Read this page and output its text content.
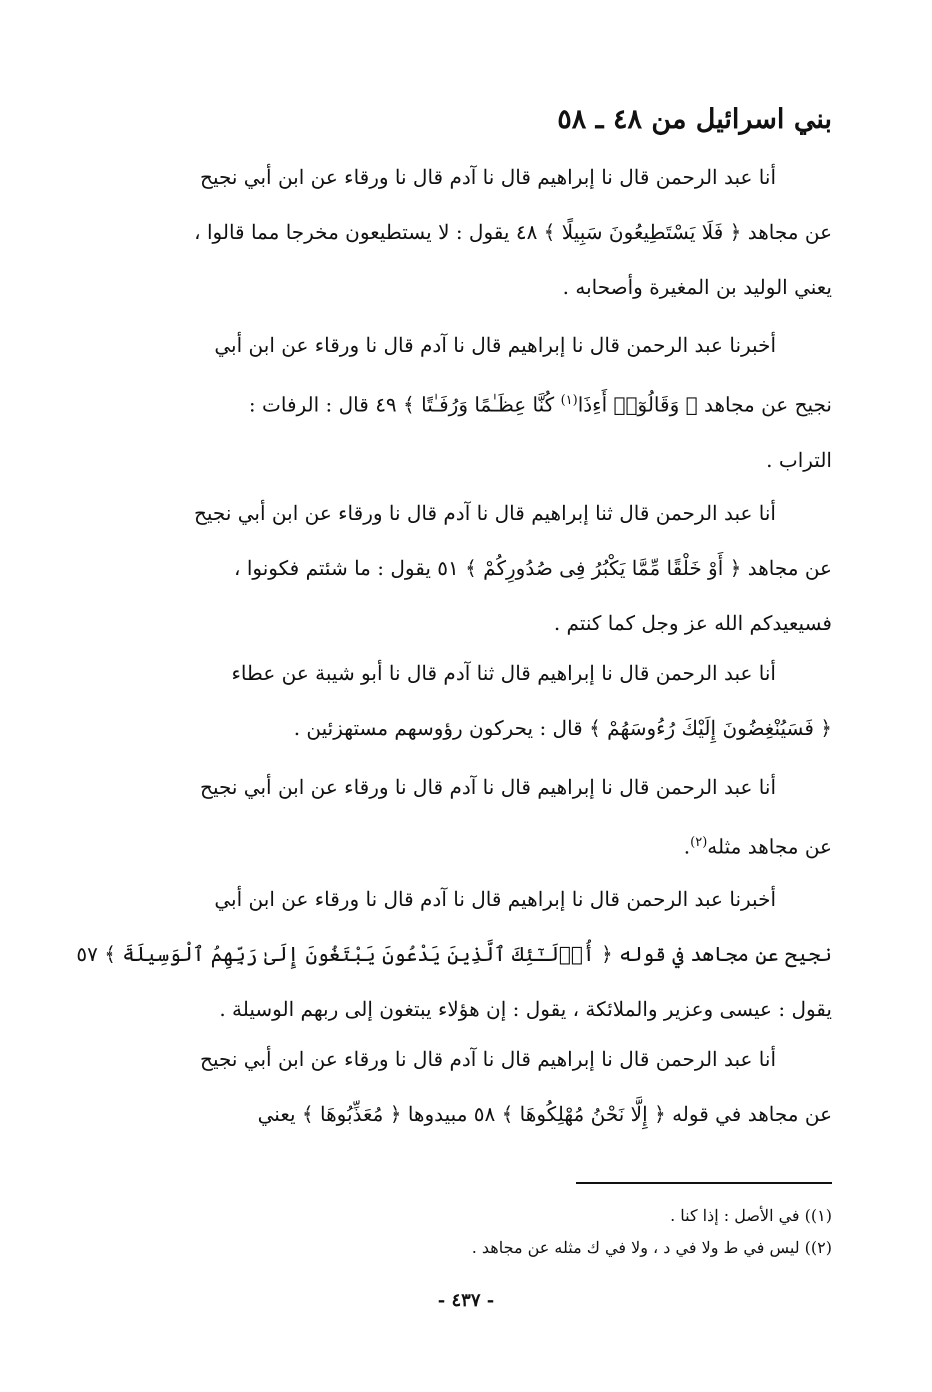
بني اسرائيل من ٤٨ ـ ٥٨
أنا عبد الرحمن قال نا إبراهيم قال نا آدم قال نا ورقاء عن ابن أبي نجيح
عن مجاهد ﴿ فَلَا يَسْتَطِيعُونَ سَبِيلًا ﴾ ٤٨ يقول : لا يستطيعون مخرجا مما قالوا ،
يعني الوليد بن المغيرة وأصحابه .
أخبرنا عبد الرحمن قال نا إبراهيم قال نا آدم قال نا ورقاء عن ابن أبي
نجيح عن مجاهد ﴿ وَقَالُوٓا۟ أَءِذَا$^{(١)}$ كُنَّا عِظَـٰمًا وَرُفَـٰتًا ﴾ ٤٩ قال : الرفات :
التراب .
أنا عبد الرحمن قال ثنا إبراهيم قال نا آدم قال نا ورقاء عن ابن أبي نجيح
عن مجاهد ﴿ أَوْ خَلْقًا مِّمَّا يَكْبُرُ فِى صُدُورِكُمْ ﴾ ٥١ يقول : ما شئتم فكونوا ،
فسيعيدكم الله عز وجل كما كنتم .
أنا عبد الرحمن قال نا إبراهيم قال ثنا آدم قال نا أبو شيبة عن عطاء
﴿ فَسَيُنْغِضُونَ إِلَيْكَ رُءُوسَهُمْ ﴾ قال : يحركون رؤوسهم مستهزئين .
أنا عبد الرحمن قال نا إبراهيم قال نا آدم قال نا ورقاء عن ابن أبي نجيح
عن مجاهد مثله$^{(٢)}$.
أخبرنا عبد الرحمن قال نا إبراهيم قال نا آدم قال نا ورقاء عن ابن أبي
نجيح عن مجاهد في قوله ﴿ أُو۟لَـٰٓئِكَ ٱلَّذِينَ يَدْعُونَ يَبْتَغُونَ إِلَىٰ رَبِّهِمُ ٱلْوَسِيلَةَ ﴾ ٥٧
يقول : عيسى وعزير والملائكة ، يقول : إن هؤلاء يبتغون إلى ربهم الوسيلة .
أنا عبد الرحمن قال نا إبراهيم قال نا آدم قال نا ورقاء عن ابن أبي نجيح
عن مجاهد في قوله ﴿ إِلَّا نَحْنُ مُهْلِكُوهَا ﴾ ٥٨ مبيدوها ﴿ مُعَذِّبُوهَا ﴾ يعني
(١)) في الأصل : إذا كنا .
(٢)) ليس في ط ولا في د ، ولا في ك مثله عن مجاهد .
- ٤٣٧ -
